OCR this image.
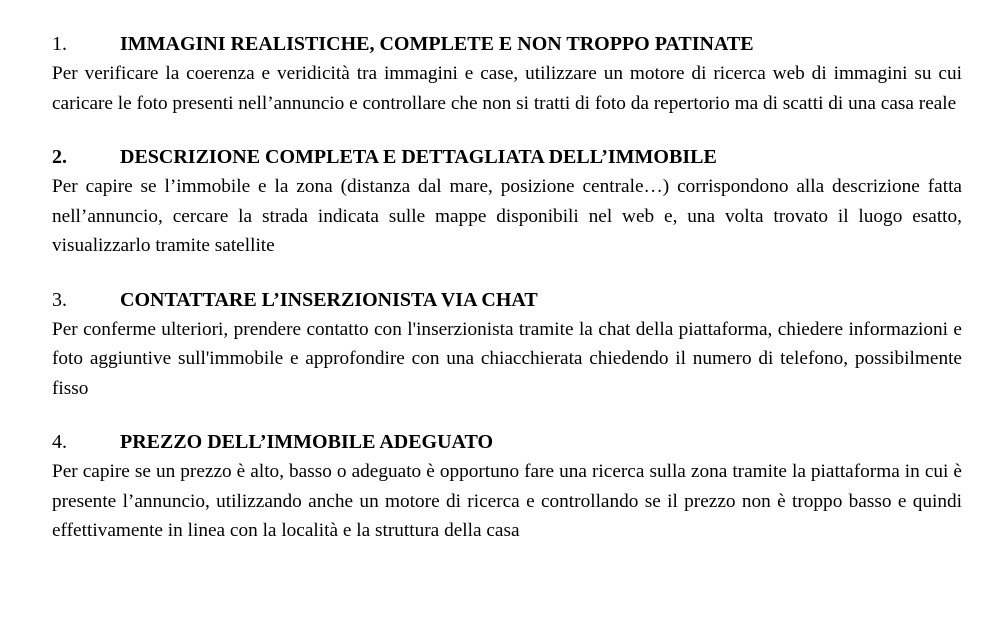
1.	IMMAGINI REALISTICHE, COMPLETE E NON TROPPO PATINATE

Per verificare la coerenza e veridicità tra immagini e case, utilizzare un motore di ricerca web di immagini su cui caricare le foto presenti nell’annuncio e controllare che non si tratti di foto da repertorio ma di scatti di una casa reale

2.	DESCRIZIONE COMPLETA E DETTAGLIATA DELL’IMMOBILE

Per capire se l’immobile e la zona (distanza dal mare, posizione centrale…) corrispondono alla descrizione fatta nell’annuncio, cercare la strada indicata sulle mappe disponibili nel web e, una volta trovato il luogo esatto, visualizzarlo tramite satellite

3.	CONTATTARE L’INSERZIONISTA VIA CHAT

Per conferme ulteriori, prendere contatto con l'inserzionista tramite la chat della piattaforma, chiedere informazioni e foto aggiuntive sull'immobile e approfondire con una chiacchierata chiedendo il numero di telefono, possibilmente fisso

4.	PREZZO DELL’IMMOBILE ADEGUATO

Per capire se un prezzo è alto, basso o adeguato è opportuno fare una ricerca sulla zona tramite la piattaforma in cui è presente l’annuncio, utilizzando anche un motore di ricerca e controllando se il prezzo non è troppo basso e quindi effettivamente in linea con la località e la struttura della casa
